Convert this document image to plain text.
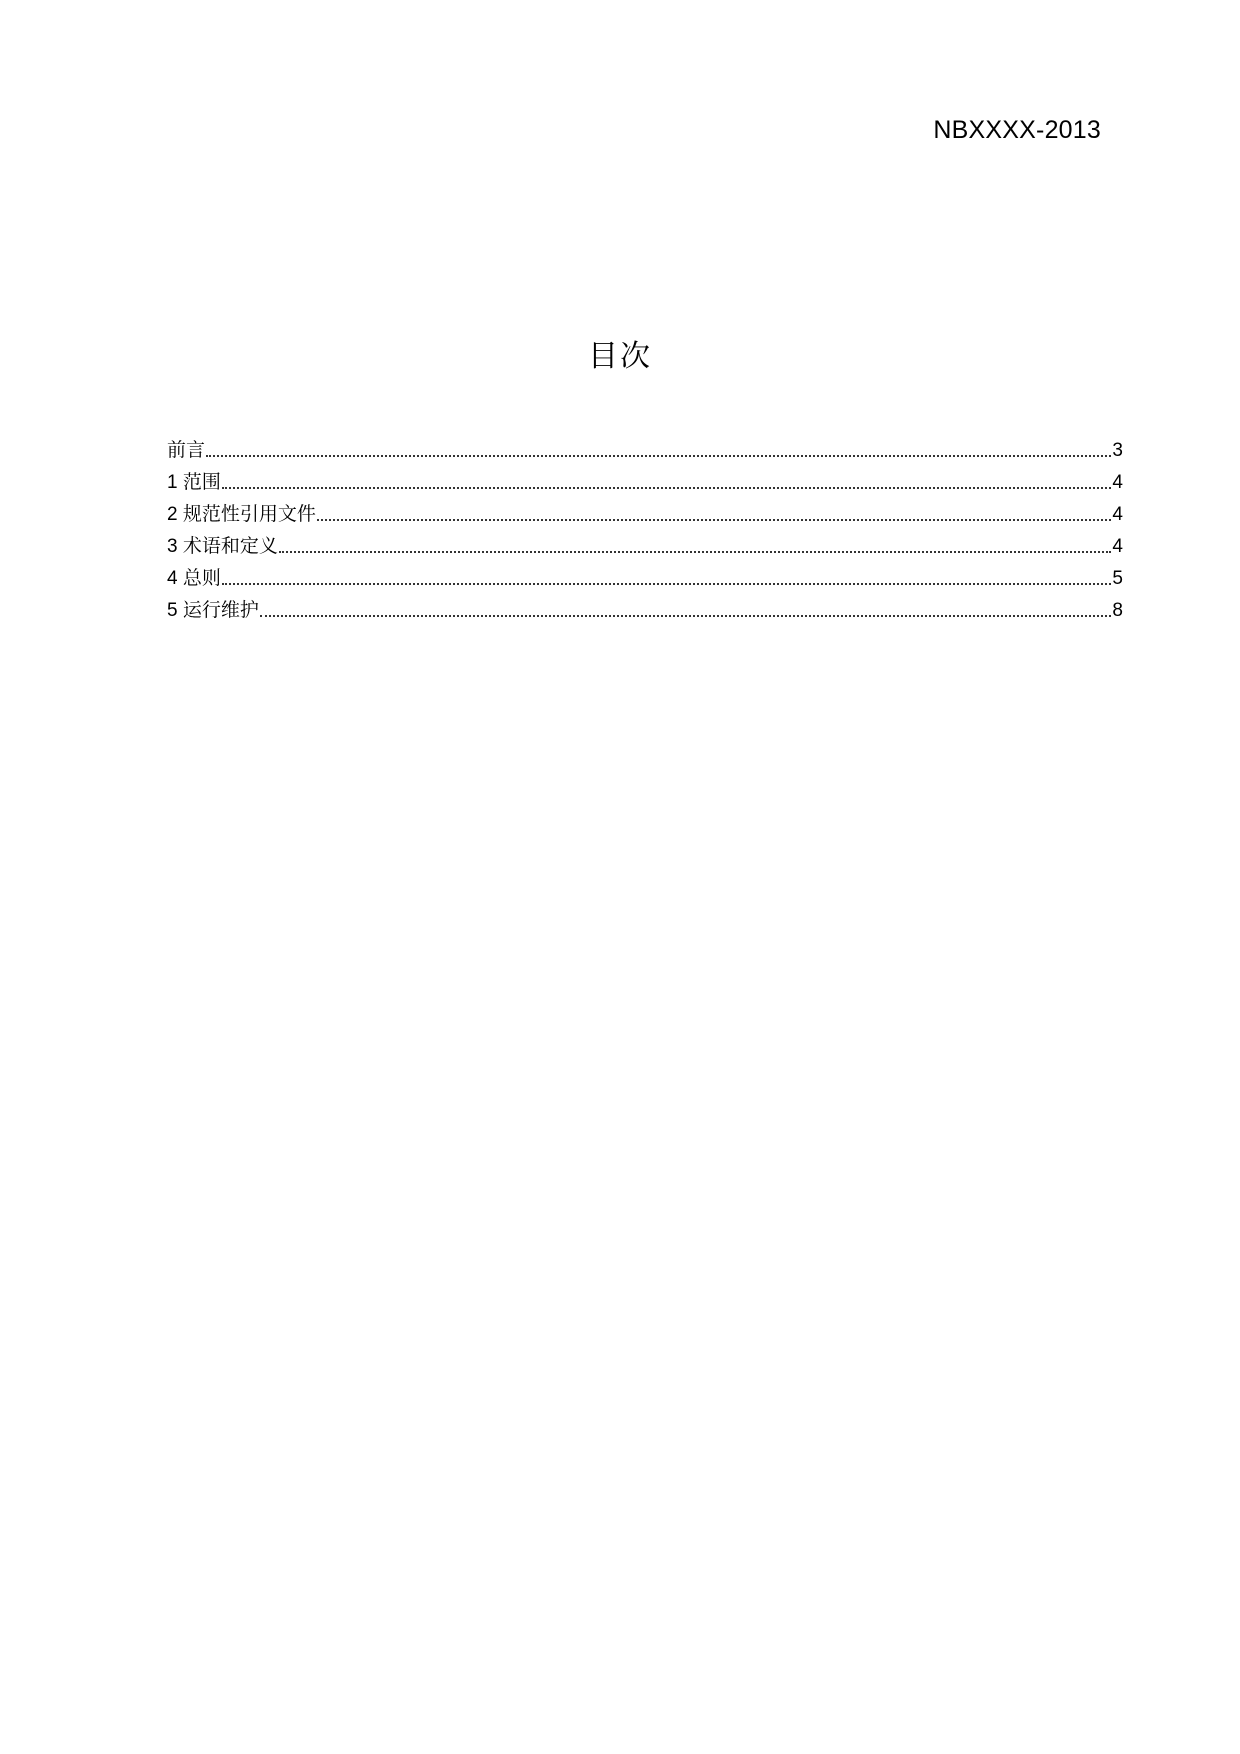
NBXXXX-2013
目次
前言	3
1 范围	4
2 规范性引用文件	4
3 术语和定义	4
4 总则	5
5 运行维护	8
